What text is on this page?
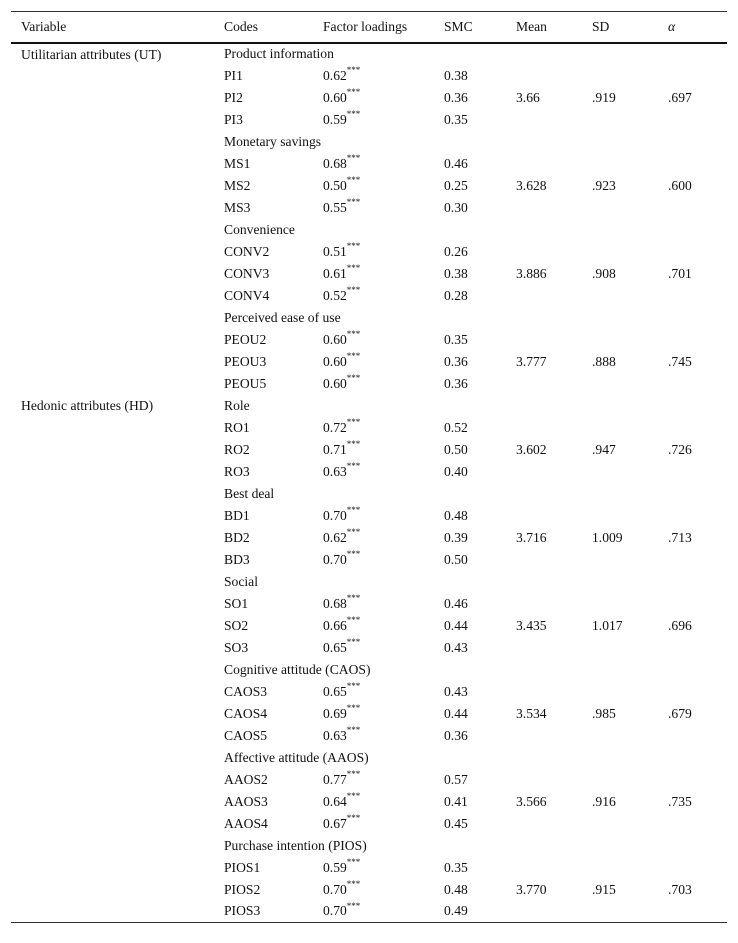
Variable	Codes	Factor loadings	SMC	Mean	SD	α
Utilitarian attributes (UT)	Product information					
	PI1	0.62***	0.38			
	PI2	0.60***	0.36	3.66	.919	.697
	PI3	0.59***	0.35			
	Monetary savings					
	MS1	0.68***	0.46			
	MS2	0.50***	0.25	3.628	.923	.600
	MS3	0.55***	0.30			
	Convenience					
	CONV2	0.51***	0.26			
	CONV3	0.61***	0.38	3.886	.908	.701
	CONV4	0.52***	0.28			
	Perceived ease of use					
	PEOU2	0.60***	0.35			
	PEOU3	0.60***	0.36	3.777	.888	.745
	PEOU5	0.60***	0.36			
Hedonic attributes (HD)	Role					
	RO1	0.72***	0.52			
	RO2	0.71***	0.50	3.602	.947	.726
	RO3	0.63***	0.40			
	Best deal					
	BD1	0.70***	0.48			
	BD2	0.62***	0.39	3.716	1.009	.713
	BD3	0.70***	0.50			
	Social					
	SO1	0.68***	0.46			
	SO2	0.66***	0.44	3.435	1.017	.696
	SO3	0.65***	0.43			
	Cognitive attitude (CAOS)					
	CAOS3	0.65***	0.43			
	CAOS4	0.69***	0.44	3.534	.985	.679
	CAOS5	0.63***	0.36			
	Affective attitude (AAOS)					
	AAOS2	0.77***	0.57			
	AAOS3	0.64***	0.41	3.566	.916	.735
	AAOS4	0.67***	0.45			
	Purchase intention (PIOS)					
	PIOS1	0.59***	0.35			
	PIOS2	0.70***	0.48	3.770	.915	.703
	PIOS3	0.70***	0.49			
